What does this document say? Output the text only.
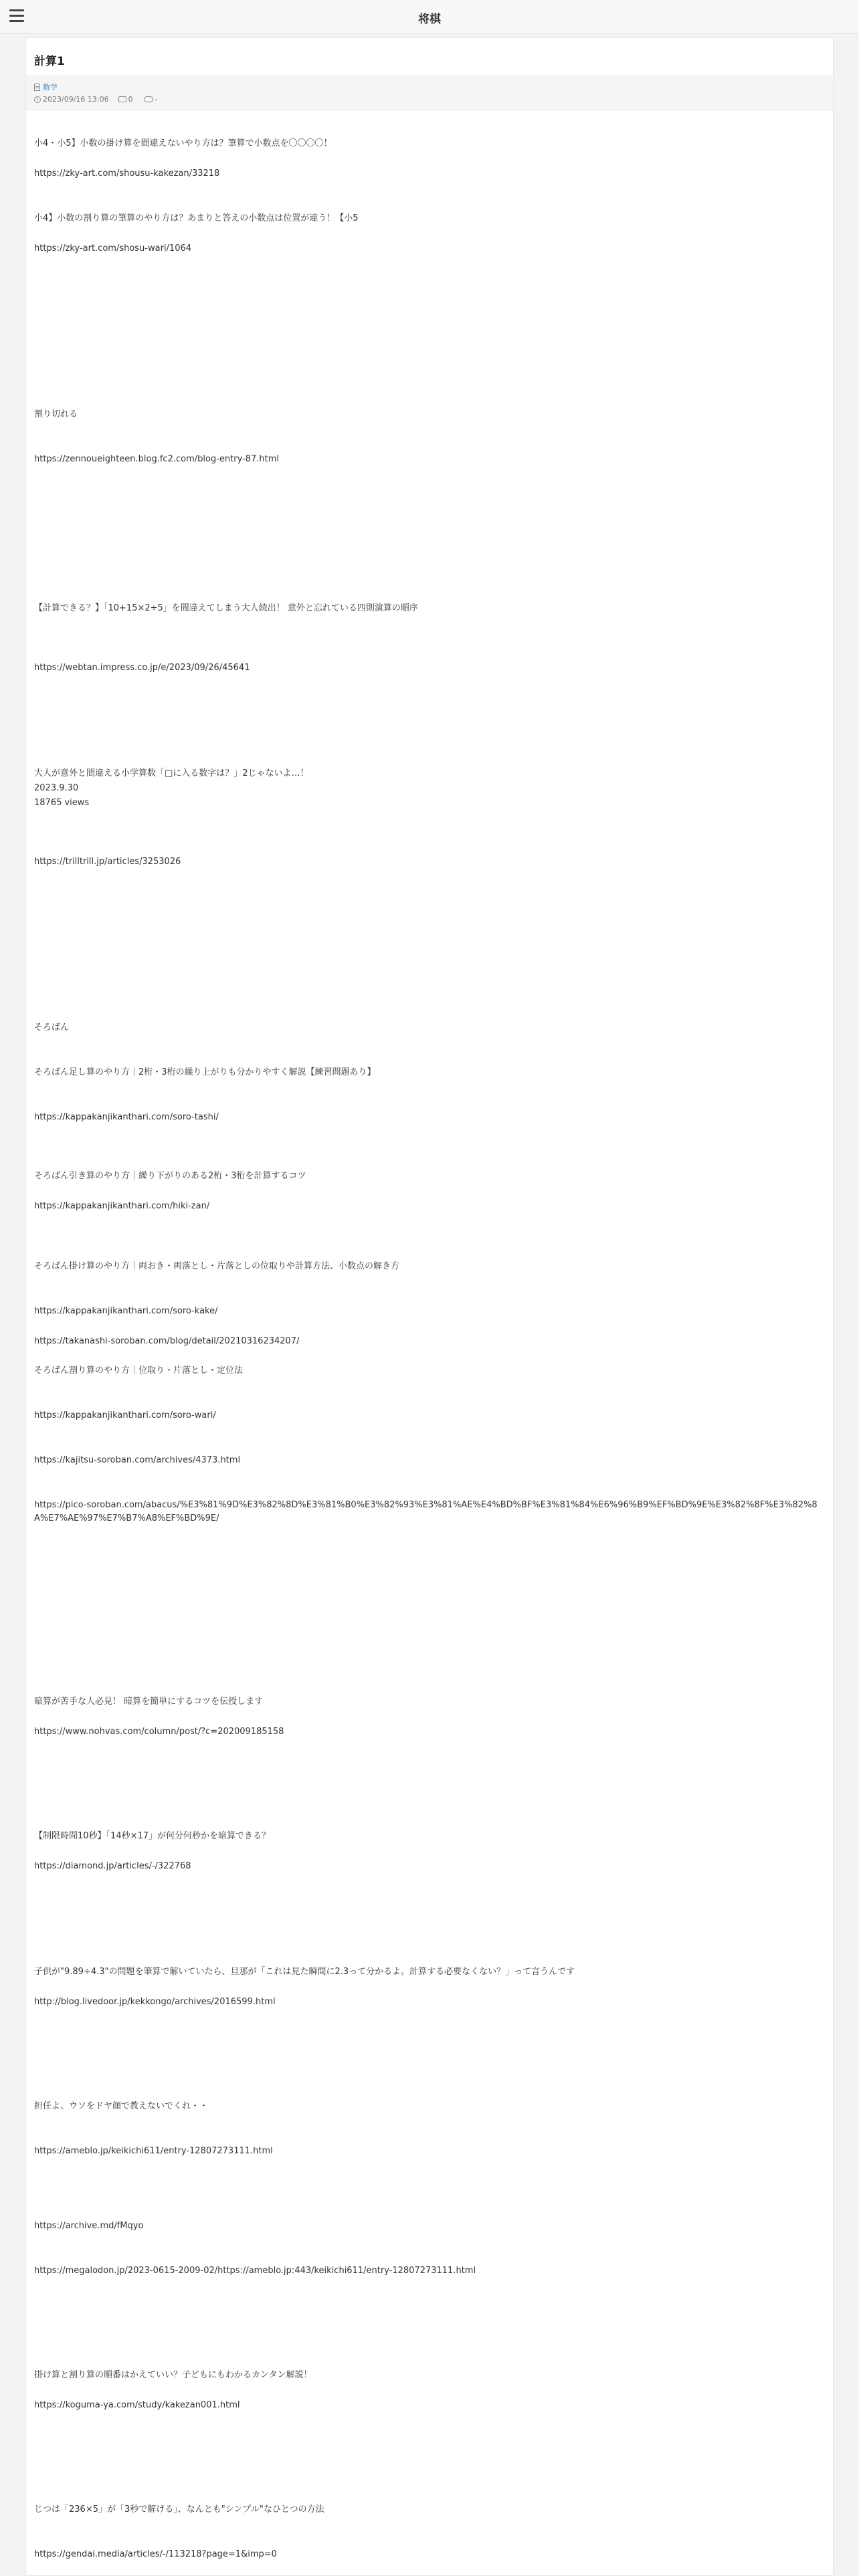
将棋
計算1
数学
2023/09/16 13:06	0	-
小4・小5】小数の掛け算を間違えないやり方は？筆算で小数点を〇〇〇〇！
https://zky-art.com/shousu-kakezan/33218
小4】小数の割り算の筆算のやり方は？あまりと答えの小数点は位置が違う！【小5
https://zky-art.com/shosu-wari/1064
割り切れる
https://zennoueighteen.blog.fc2.com/blog-entry-87.html
【計算できる？】「10+15×2÷5」を間違えてしまう大人続出！ 意外と忘れている四則演算の順序
https://webtan.impress.co.jp/e/2023/09/26/45641
大人が意外と間違える小学算数「□に入る数字は？」2じゃないよ…！
2023.9.30
18765 views
https://trilltrill.jp/articles/3253026
そろばん
そろばん足し算のやり方｜2桁・3桁の繰り上がりも分かりやすく解説【練習問題あり】
https://kappakanjikanthari.com/soro-tashi/
そろばん引き算のやり方｜繰り下がりのある2桁・3桁を計算するコツ
https://kappakanjikanthari.com/hiki-zan/
そろばん掛け算のやり方｜両おき・両落とし・片落としの位取りや計算方法、小数点の解き方
https://kappakanjikanthari.com/soro-kake/
https://takanashi-soroban.com/blog/detail/20210316234207/
そろばん割り算のやり方｜位取り・片落とし・定位法
https://kappakanjikanthari.com/soro-wari/
https://kajitsu-soroban.com/archives/4373.html
https://pico-soroban.com/abacus/%E3%81%9D%E3%82%8D%E3%81%B0%E3%82%93%E3%81%AE%E4%BD%BF%E3%81%84%E6%96%B9%EF%BD%9E%E3%82%8F%E3%82%8A%E7%AE%97%E7%B7%A8%EF%BD%9E/
暗算が苦手な人必見！ 暗算を簡単にするコツを伝授します
https://www.nohvas.com/column/post/?c=202009185158
【制限時間10秒】「14秒×17」が何分何秒かを暗算できる？
https://diamond.jp/articles/-/322768
子供が"9.89÷4.3"の問題を筆算で解いていたら、旦那が「これは見た瞬間に2.3って分かるよ。計算する必要なくない？」って言うんです
http://blog.livedoor.jp/kekkongo/archives/2016599.html
担任よ、ウソをドヤ顔で教えないでくれ・・
https://ameblo.jp/keikichi611/entry-12807273111.html
https://archive.md/fMqyo
https://megalodon.jp/2023-0615-2009-02/https://ameblo.jp:443/keikichi611/entry-12807273111.html
掛け算と割り算の順番はかえていい？子どもにもわかるカンタン解説！
https://koguma-ya.com/study/kakezan001.html
じつは「236×5」が「3秒で解ける」、なんとも"シンプル"なひとつの方法
https://gendai.media/articles/-/113218?page=1&imp=0
